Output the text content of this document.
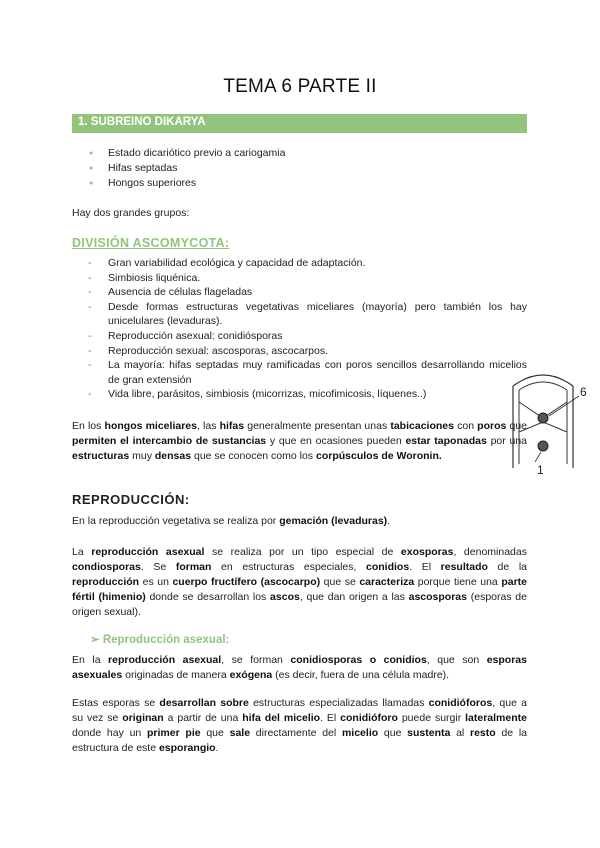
TEMA 6 PARTE II
1. SUBREINO DIKARYA
● Estado dicariótico previo a cariogamia
● Hifas septadas
● Hongos superiores
Hay dos grandes grupos:
DIVISIÓN ASCOMYCOTA:
- Gran variabilidad ecológica y capacidad de adaptación.
- Simbiosis liquénica.
- Ausencia de células flageladas
- Desde formas estructuras vegetativas miceliares (mayoría) pero también los hay unicelulares (levaduras).
- Reproducción asexual: conidiósporas
- Reproducción sexual: ascosporas, ascocarpos.
- La mayoría: hifas septadas muy ramificadas con poros sencillos desarrollando micelios de gran extensión
- Vida libre, parásitos, simbiosis (micorrizas, micofimicosis, líquenes..)	6
1
En los hongos miceliares, las hifas generalmente presentan unas tabicaciones con poros que permiten el intercambio de sustancias y que en ocasiones pueden estar taponadas por una estructuras muy densas que se conocen como los corpúsculos de Woronin.
REPRODUCCIÓN:
En la reproducción vegetativa se realiza por gemación (levaduras).
La reproducción asexual se realiza por un tipo especial de exosporas, denominadas condiosporas. Se forman en estructuras especiales, conidios. El resultado de la reproducción es un cuerpo fructífero (ascocarpo) que se caracteriza porque tiene una parte fértil (himenio) donde se desarrollan los ascos, que dan origen a las ascosporas (esporas de origen sexual).
➢ Reproducción asexual:
En la reproducción asexual, se forman conidiosporas o conidios, que son esporas asexuales originadas de manera exógena (es decir, fuera de una célula madre).
Estas esporas se desarrollan sobre estructuras especializadas llamadas conidióforos, que a su vez se originan a partir de una hifa del micelio. El conidióforo puede surgir lateralmente donde hay un primer pie que sale directamente del micelio que sustenta al resto de la estructura de este esporangio.
